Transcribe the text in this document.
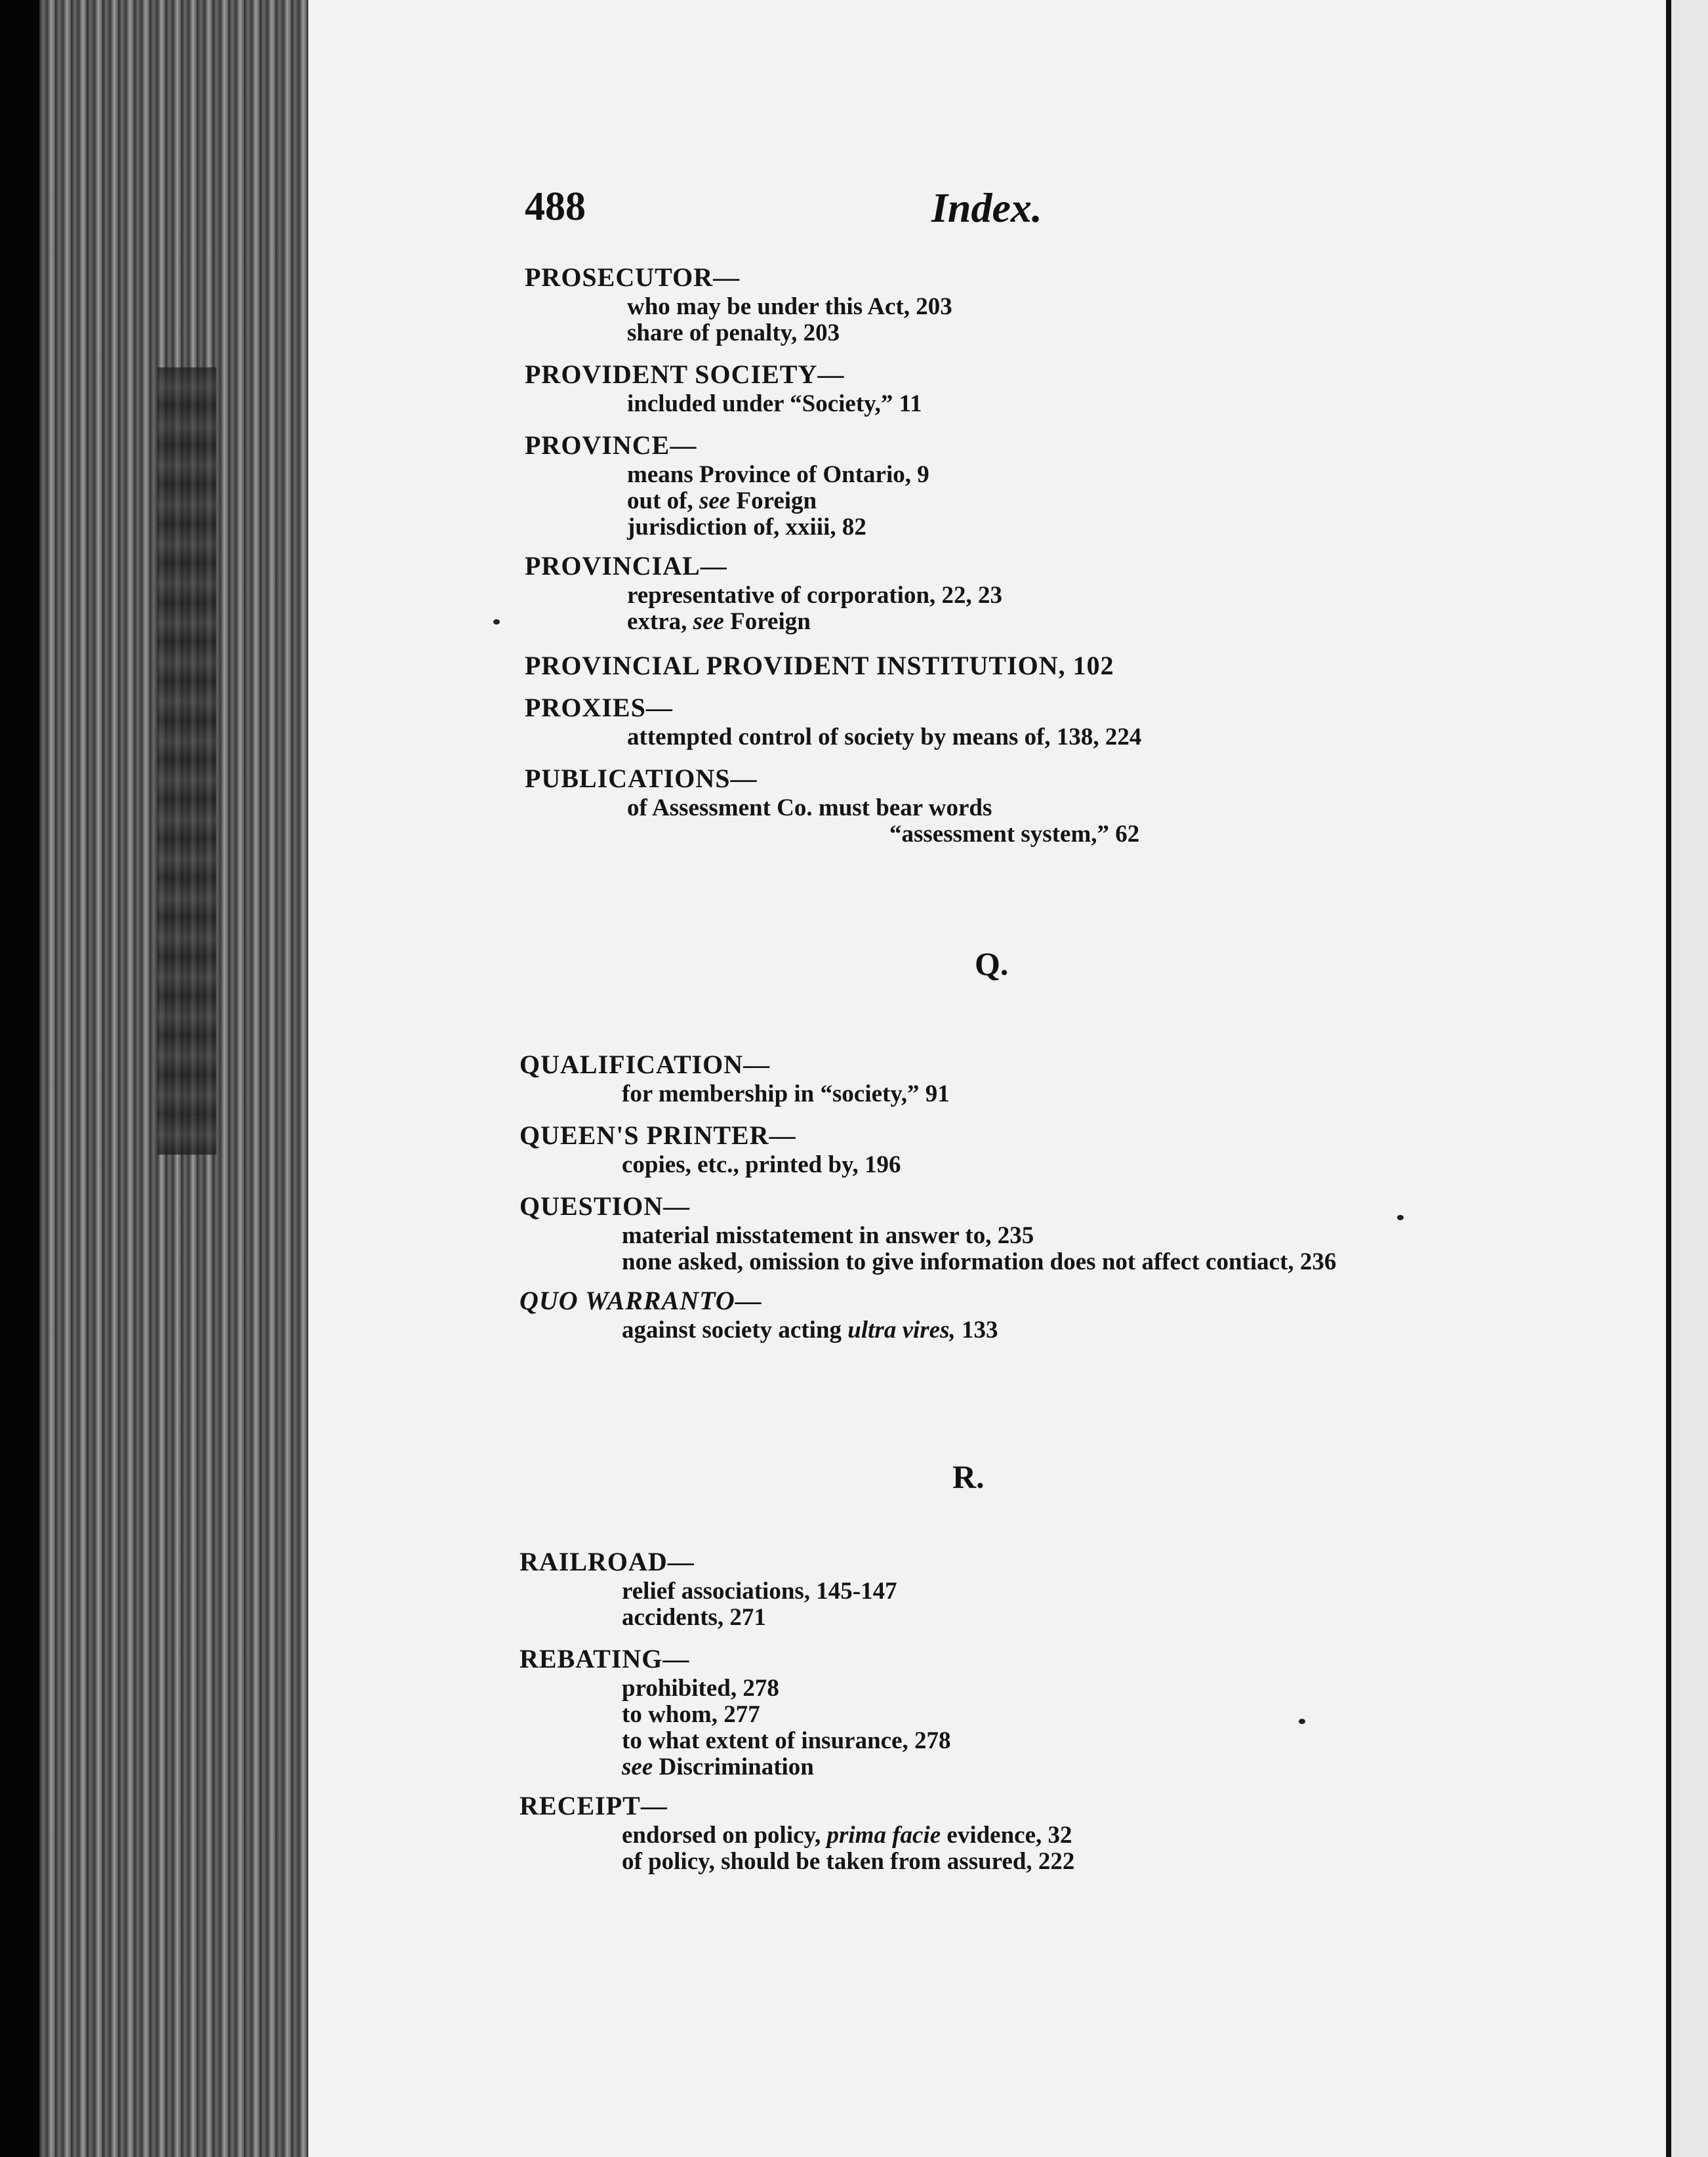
488	Index.
PROSECUTOR—
who may be under this Act, 203
share of penalty, 203
PROVIDENT SOCIETY—
included under “Society,” 11
PROVINCE—
means Province of Ontario, 9
out of, see Foreign
jurisdiction of, xxiii, 82
PROVINCIAL—
representative of corporation, 22, 23
extra, see Foreign
PROVINCIAL PROVIDENT INSTITUTION, 102
PROXIES—
attempted control of society by means of, 138, 224
PUBLICATIONS—
of Assessment Co. must bear words
“assessment system,” 62
Q.
QUALIFICATION—
for membership in “society,” 91
QUEEN'S PRINTER—
copies, etc., printed by, 196
QUESTION—
material misstatement in answer to, 235
none asked, omission to give information does not affect contiact, 236
QUO WARRANTO—
against society acting ultra vires, 133
R.
RAILROAD—
relief associations, 145-147
accidents, 271
REBATING—
prohibited, 278
to whom, 277
to what extent of insurance, 278
see Discrimination
RECEIPT—
endorsed on policy, prima facie evidence, 32
of policy, should be taken from assured, 222
